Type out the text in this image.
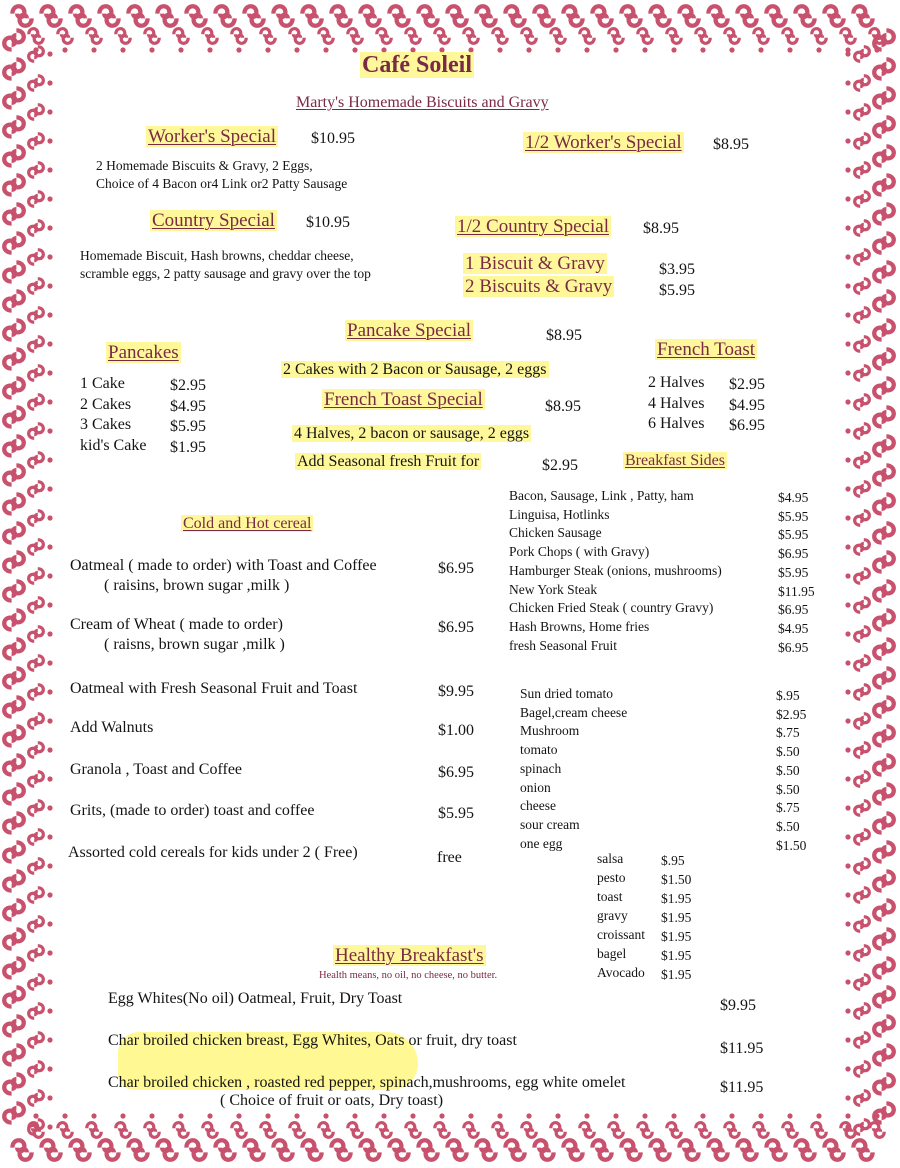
Café Soleil
Marty's Homemade Biscuits and Gravy
Worker's Special $10.95
2 Homemade Biscuits & Gravy, 2 Eggs,
Choice of 4 Bacon or4 Link or2 Patty Sausage
1/2 Worker's Special $8.95
Country Special $10.95
Homemade Biscuit, Hash browns, cheddar cheese,
scramble eggs, 2 patty sausage and gravy over the top
1/2 Country Special $8.95
1 Biscuit & Gravy	$3.95
2 Biscuits & Gravy	$5.95
Pancake Special	$8.95
2 Cakes with 2 Bacon or Sausage, 2 eggs
Pancakes
1 Cake	$2.95
2 Cakes $4.95
3 Cakes $5.95
kid's Cake $1.95
French Toast Special	$8.95
4 Halves, 2 bacon or sausage, 2 eggs
Add Seasonal fresh Fruit for	$2.95
French Toast
2 Halves $2.95
4 Halves $4.95
6 Halves $6.95
Breakfast Sides
Bacon, Sausage, Link , Patty, ham	$4.95
Linguisa, Hotlinks	$5.95
Chicken Sausage	$5.95
Pork Chops ( with Gravy)	$6.95
Hamburger Steak (onions, mushrooms)	$5.95
New York Steak	$11.95
Chicken Fried Steak ( country Gravy)	$6.95
Hash Browns, Home fries	$4.95
fresh Seasonal Fruit	$6.95
Cold and Hot cereal
Oatmeal ( made to order) with Toast and Coffee	$6.95
( raisins, brown sugar ,milk )
Cream of Wheat ( made to order)	$6.95
( raisns, brown sugar ,milk )
Oatmeal with Fresh Seasonal Fruit and Toast	$9.95
Add Walnuts	$1.00
Granola , Toast and Coffee	$6.95
Grits, (made to order) toast and coffee	$5.95
Assorted cold cereals for kids under 2 ( Free)	free
Sun dried tomato	$.95
Bagel,cream cheese	$2.95
Mushroom	$.75
tomato	$.50
spinach	$.50
onion	$.50
cheese	$.75
sour cream	$.50
one egg	$1.50
salsa	$.95
pesto	$1.50
toast	$1.95
gravy $1.95
croissant $1.95
bagel	$1.95
Avocado $1.95
Healthy Breakfast's
Health means, no oil, no cheese, no butter.
Egg Whites(No oil) Oatmeal, Fruit, Dry Toast	$9.95
Char broiled chicken breast, Egg Whites, Oats or fruit, dry toast	$11.95
Char broiled chicken , roasted red pepper, spinach,mushrooms, egg white omelet	$11.95
( Choice of fruit or oats, Dry toast)
